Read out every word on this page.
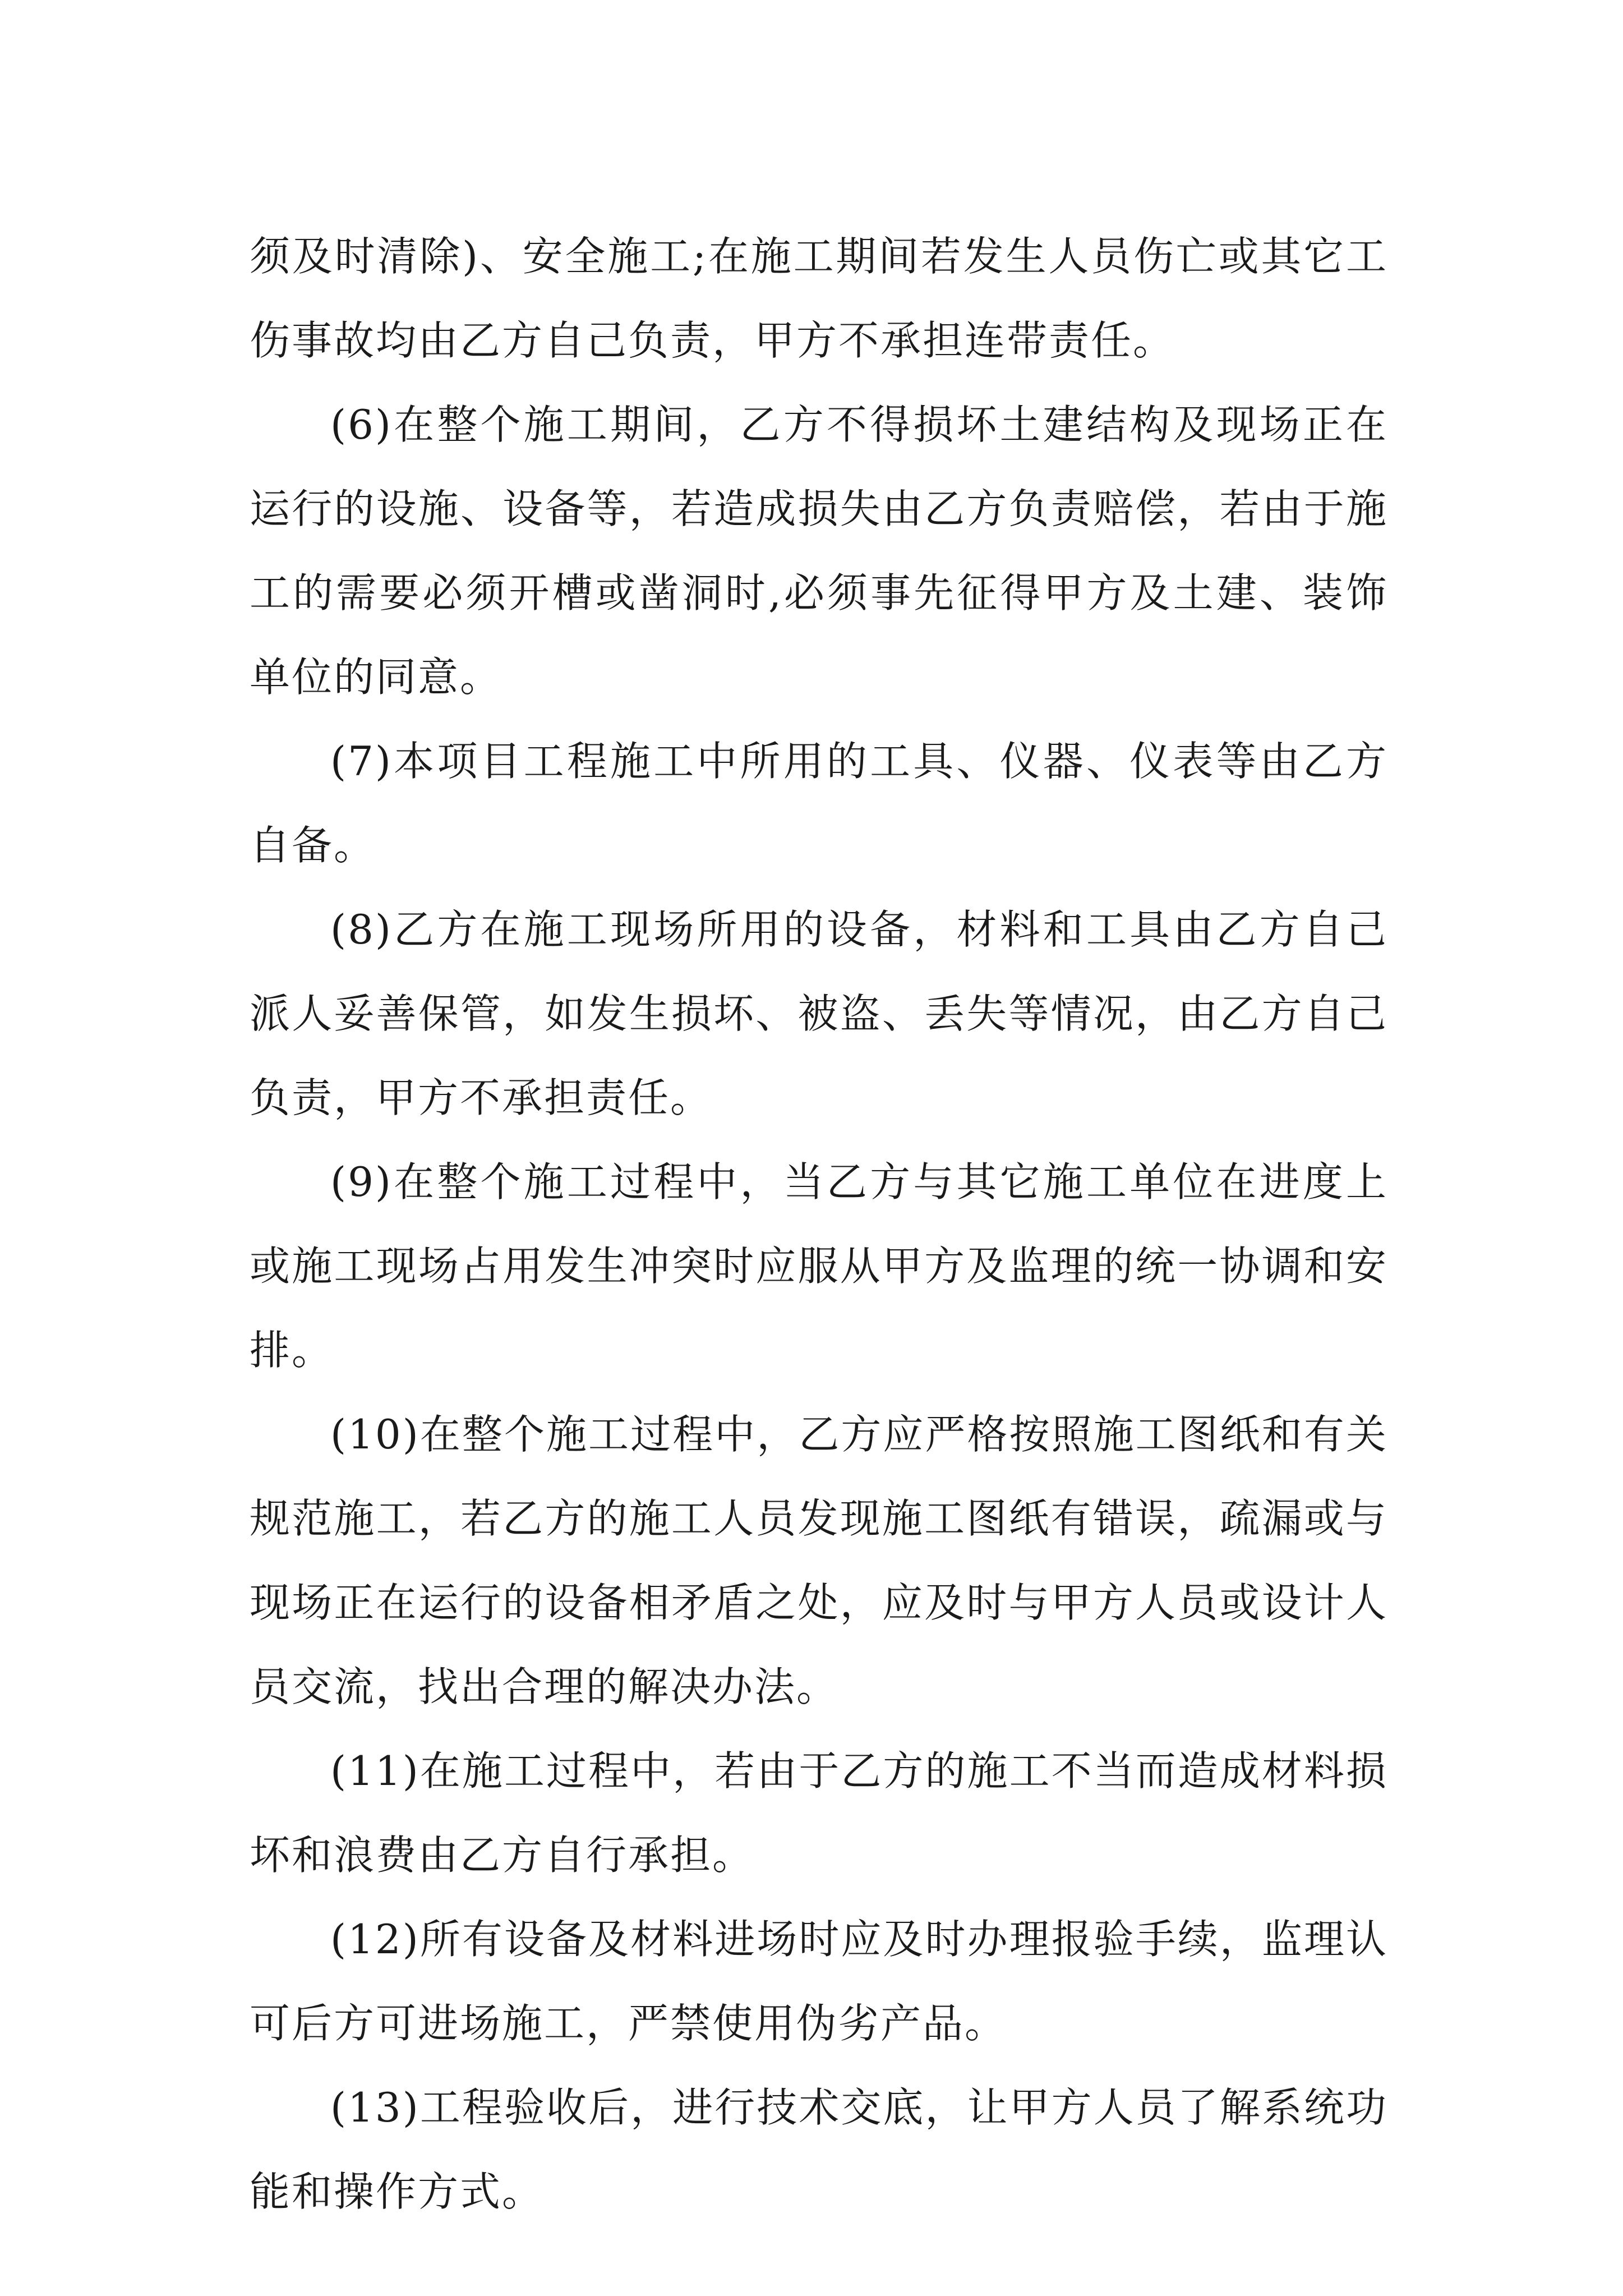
须及时清除)、安全施工;在施工期间若发生人员伤亡或其它工伤事故均由乙方自己负责，甲方不承担连带责任。

(6)在整个施工期间，乙方不得损坏土建结构及现场正在运行的设施、设备等，若造成损失由乙方负责赔偿，若由于施工的需要必须开槽或凿洞时,必须事先征得甲方及土建、装饰单位的同意。

(7)本项目工程施工中所用的工具、仪器、仪表等由乙方自备。

(8)乙方在施工现场所用的设备，材料和工具由乙方自己派人妥善保管，如发生损坏、被盗、丢失等情况，由乙方自己负责，甲方不承担责任。

(9)在整个施工过程中，当乙方与其它施工单位在进度上或施工现场占用发生冲突时应服从甲方及监理的统一协调和安排。

(10)在整个施工过程中，乙方应严格按照施工图纸和有关规范施工，若乙方的施工人员发现施工图纸有错误，疏漏或与现场正在运行的设备相矛盾之处，应及时与甲方人员或设计人员交流，找出合理的解决办法。

(11)在施工过程中，若由于乙方的施工不当而造成材料损坏和浪费由乙方自行承担。

(12)所有设备及材料进场时应及时办理报验手续，监理认可后方可进场施工，严禁使用伪劣产品。

(13)工程验收后，进行技术交底，让甲方人员了解系统功能和操作方式。
